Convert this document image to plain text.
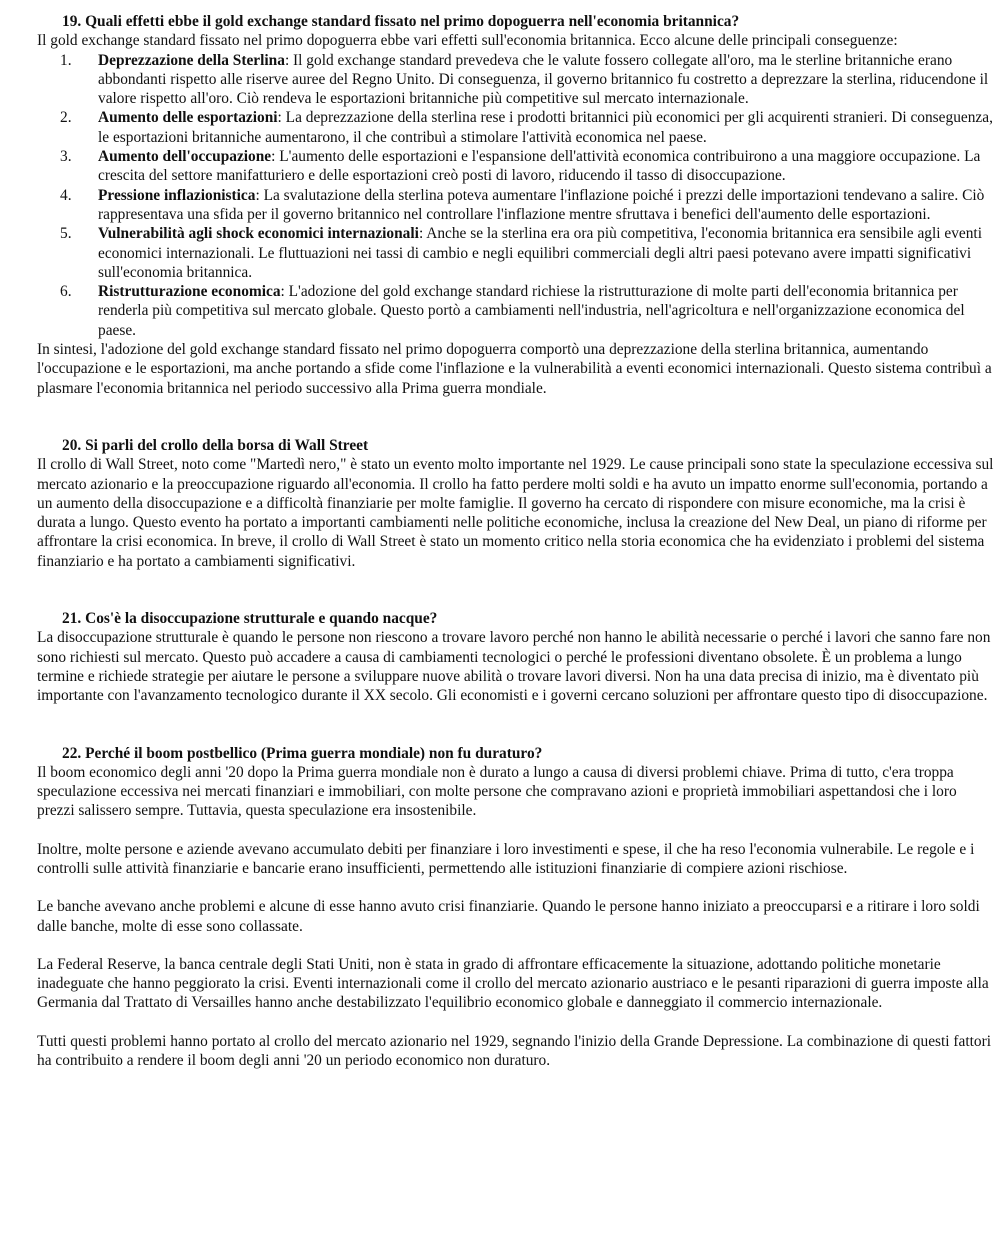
19. Quali effetti ebbe il gold exchange standard fissato nel primo dopoguerra nell'economia britannica?

Il gold exchange standard fissato nel primo dopoguerra ebbe vari effetti sull'economia britannica. Ecco alcune delle principali conseguenze:

1.	Deprezzazione della Sterlina: Il gold exchange standard prevedeva che le valute fossero collegate all'oro, ma le sterline britanniche erano abbondanti rispetto alle riserve auree del Regno Unito. Di conseguenza, il governo britannico fu costretto a deprezzare la sterlina, riducendone il valore rispetto all'oro. Ciò rendeva le esportazioni britanniche più competitive sul mercato internazionale.
2.	Aumento delle esportazioni: La deprezzazione della sterlina rese i prodotti britannici più economici per gli acquirenti stranieri. Di conseguenza, le esportazioni britanniche aumentarono, il che contribuì a stimolare l'attività economica nel paese.
3.	Aumento dell'occupazione: L'aumento delle esportazioni e l'espansione dell'attività economica contribuirono a una maggiore occupazione. La crescita del settore manifatturiero e delle esportazioni creò posti di lavoro, riducendo il tasso di disoccupazione.
4.	Pressione inflazionistica: La svalutazione della sterlina poteva aumentare l'inflazione poiché i prezzi delle importazioni tendevano a salire. Ciò rappresentava una sfida per il governo britannico nel controllare l'inflazione mentre sfruttava i benefici dell'aumento delle esportazioni.
5.	Vulnerabilità agli shock economici internazionali: Anche se la sterlina era ora più competitiva, l'economia britannica era sensibile agli eventi economici internazionali. Le fluttuazioni nei tassi di cambio e negli equilibri commerciali degli altri paesi potevano avere impatti significativi sull'economia britannica.
6.	Ristrutturazione economica: L'adozione del gold exchange standard richiese la ristrutturazione di molte parti dell'economia britannica per renderla più competitiva sul mercato globale. Questo portò a cambiamenti nell'industria, nell'agricoltura e nell'organizzazione economica del paese.

In sintesi, l'adozione del gold exchange standard fissato nel primo dopoguerra comportò una deprezzazione della sterlina britannica, aumentando l'occupazione e le esportazioni, ma anche portando a sfide come l'inflazione e la vulnerabilità a eventi economici internazionali. Questo sistema contribuì a plasmare l'economia britannica nel periodo successivo alla Prima guerra mondiale.

20. Si parli del crollo della borsa di Wall Street

Il crollo di Wall Street, noto come "Martedì nero," è stato un evento molto importante nel 1929. Le cause principali sono state la speculazione eccessiva sul mercato azionario e la preoccupazione riguardo all'economia. Il crollo ha fatto perdere molti soldi e ha avuto un impatto enorme sull'economia, portando a un aumento della disoccupazione e a difficoltà finanziarie per molte famiglie. Il governo ha cercato di rispondere con misure economiche, ma la crisi è durata a lungo. Questo evento ha portato a importanti cambiamenti nelle politiche economiche, inclusa la creazione del New Deal, un piano di riforme per affrontare la crisi economica. In breve, il crollo di Wall Street è stato un momento critico nella storia economica che ha evidenziato i problemi del sistema finanziario e ha portato a cambiamenti significativi.

21. Cos'è la disoccupazione strutturale e quando nacque?

La disoccupazione strutturale è quando le persone non riescono a trovare lavoro perché non hanno le abilità necessarie o perché i lavori che sanno fare non sono richiesti sul mercato. Questo può accadere a causa di cambiamenti tecnologici o perché le professioni diventano obsolete. È un problema a lungo termine e richiede strategie per aiutare le persone a sviluppare nuove abilità o trovare lavori diversi. Non ha una data precisa di inizio, ma è diventato più importante con l'avanzamento tecnologico durante il XX secolo. Gli economisti e i governi cercano soluzioni per affrontare questo tipo di disoccupazione.

22. Perché il boom postbellico (Prima guerra mondiale) non fu duraturo?

Il boom economico degli anni '20 dopo la Prima guerra mondiale non è durato a lungo a causa di diversi problemi chiave. Prima di tutto, c'era troppa speculazione eccessiva nei mercati finanziari e immobiliari, con molte persone che compravano azioni e proprietà immobiliari aspettandosi che i loro prezzi salissero sempre. Tuttavia, questa speculazione era insostenibile.

Inoltre, molte persone e aziende avevano accumulato debiti per finanziare i loro investimenti e spese, il che ha reso l'economia vulnerabile. Le regole e i controlli sulle attività finanziarie e bancarie erano insufficienti, permettendo alle istituzioni finanziarie di compiere azioni rischiose.

Le banche avevano anche problemi e alcune di esse hanno avuto crisi finanziarie. Quando le persone hanno iniziato a preoccuparsi e a ritirare i loro soldi dalle banche, molte di esse sono collassate.

La Federal Reserve, la banca centrale degli Stati Uniti, non è stata in grado di affrontare efficacemente la situazione, adottando politiche monetarie inadeguate che hanno peggiorato la crisi. Eventi internazionali come il crollo del mercato azionario austriaco e le pesanti riparazioni di guerra imposte alla Germania dal Trattato di Versailles hanno anche destabilizzato l'equilibrio economico globale e danneggiato il commercio internazionale.

Tutti questi problemi hanno portato al crollo del mercato azionario nel 1929, segnando l'inizio della Grande Depressione. La combinazione di questi fattori ha contribuito a rendere il boom degli anni '20 un periodo economico non duraturo.
